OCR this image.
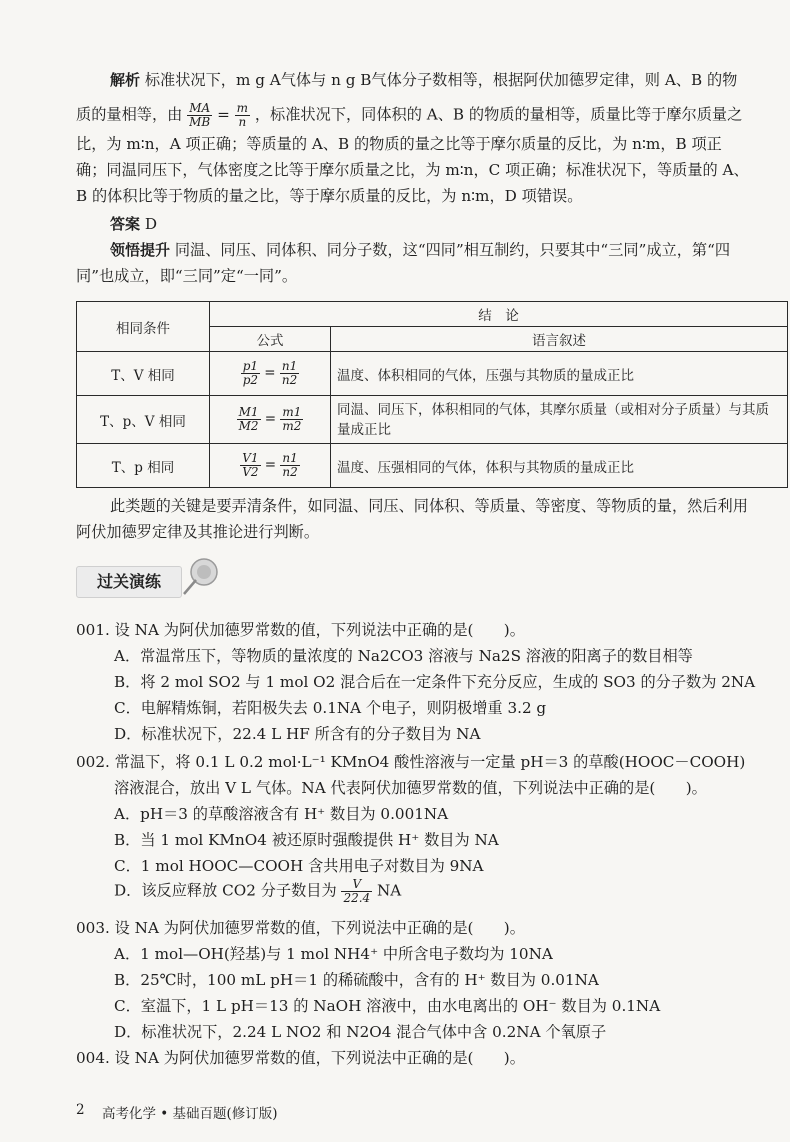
解析 标准状况下，m g A气体与 n g B气体分子数相等，根据阿伏加德罗定律，则 A、B 的物
质的量相等，由 $\frac{MA}{MB} = \frac{m}{n}$ ，标准状况下，同体积的 A、B 的物质的量相等，质量比等于摩尔质量之
比，为 m∶n，A 项正确；等质量的 A、B 的物质的量之比等于摩尔质量的反比，为 n∶m，B 项正
确；同温同压下，气体密度之比等于摩尔质量之比，为 m∶n，C 项正确；标准状况下，等质量的 A、
B 的体积比等于物质的量之比，等于摩尔质量的反比，为 n∶m，D 项错误。
答案 D
领悟提升 同温、同压、同体积、同分子数，这“四同”相互制约，只要其中“三同”成立，第“四
同”也成立，即“三同”定“一同”。
相同条件	结　论	
	公式	语言叙述
T、V 相同	$\frac{p1}{p2} = \frac{n1}{n2}$	温度、体积相同的气体，压强与其物质的量成正比
T、p、V 相同	$\frac{M1}{M2} = \frac{m1}{m2}$	同温、同压下，体积相同的气体，其摩尔质量（或相对分子质量）与其质量成正比
T、p 相同	$\frac{V1}{V2} = \frac{n1}{n2}$	温度、压强相同的气体，体积与其物质的量成正比
此类题的关键是要弄清条件，如同温、同压、同体积、等质量、等密度、等物质的量，然后利用
阿伏加德罗定律及其推论进行判断。
过关演练
001. 设 NA 为阿伏加德罗常数的值，下列说法中正确的是(　　)。
A．常温常压下，等物质的量浓度的 Na2CO3 溶液与 Na2S 溶液的阳离子的数目相等
B．将 2 mol SO2 与 1 mol O2 混合后在一定条件下充分反应，生成的 SO3 的分子数为 2NA
C．电解精炼铜，若阳极失去 0.1NA 个电子，则阴极增重 3.2 g
D．标准状况下，22.4 L HF 所含有的分子数目为 NA
002. 常温下，将 0.1 L 0.2 mol·L⁻¹ KMnO4 酸性溶液与一定量 pH＝3 的草酸(HOOC－COOH)
溶液混合，放出 V L 气体。NA 代表阿伏加德罗常数的值，下列说法中正确的是(　　)。
A．pH＝3 的草酸溶液含有 H⁺ 数目为 0.001NA
B．当 1 mol KMnO4 被还原时强酸提供 H⁺ 数目为 NA
C．1 mol HOOC—COOH 含共用电子对数目为 9NA
D．该反应释放 CO2 分子数目为 $\frac{V}{22.4}$ NA
003. 设 NA 为阿伏加德罗常数的值，下列说法中正确的是(　　)。
A．1 mol—OH(羟基)与 1 mol NH4⁺ 中所含电子数均为 10NA
B．25℃时，100 mL pH＝1 的稀硫酸中，含有的 H⁺ 数目为 0.01NA
C．室温下，1 L pH＝13 的 NaOH 溶液中，由水电离出的 OH⁻ 数目为 0.1NA
D．标准状况下，2.24 L NO2 和 N2O4 混合气体中含 0.2NA 个氧原子
004. 设 NA 为阿伏加德罗常数的值，下列说法中正确的是(　　)。
2 高考化学 • 基础百题(修订版)
